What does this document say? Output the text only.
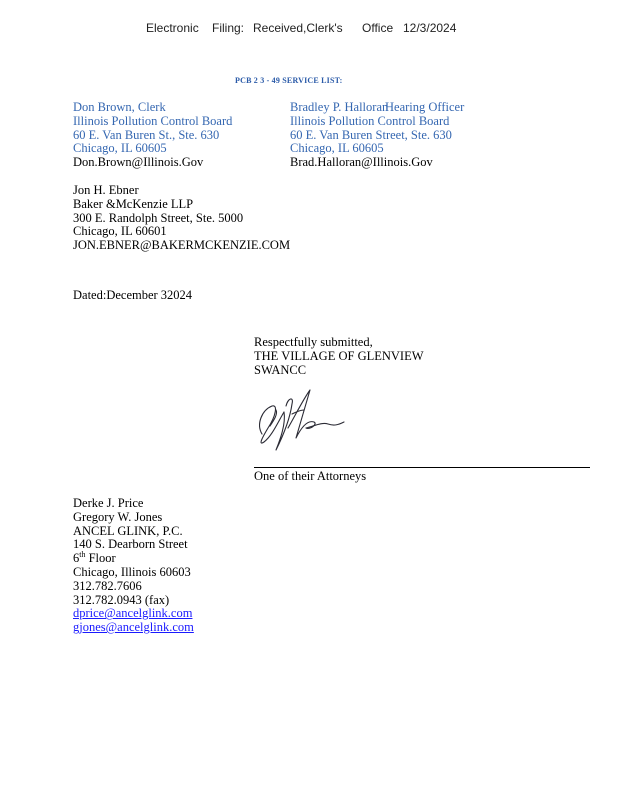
Electronic Filing: Received,Clerk's Office 12/3/2024
PCB 2 3 - 49 SERVICE LIST:
Don Brown, Clerk
Illinois Pollution Control Board
60 E. Van Buren St., Ste. 630
Chicago, IL 60605
Don.Brown@Illinois.Gov
Bradley P. Halloran
Hearing Officer
Illinois Pollution Control Board
60 E. Van Buren Street, Ste. 630
Chicago, IL 60605
Brad.Halloran@Illinois.Gov
Jon H. Ebner
Baker &McKenzie LLP
300 E. Randolph Street, Ste. 5000
Chicago, IL 60601
JON.EBNER@BAKERMCKENZIE.COM
Dated:December 32024
Respectfully submitted,
THE VILLAGE OF GLENVIEW
SWANCC
One of their Attorneys
Derke J. Price
Gregory W. Jones
ANCEL GLINK, P.C.
140 S. Dearborn Street
6th Floor
Chicago, Illinois 60603
312.782.7606
312.782.0943 (fax)
dprice@ancelglink.com
gjones@ancelglink.com
